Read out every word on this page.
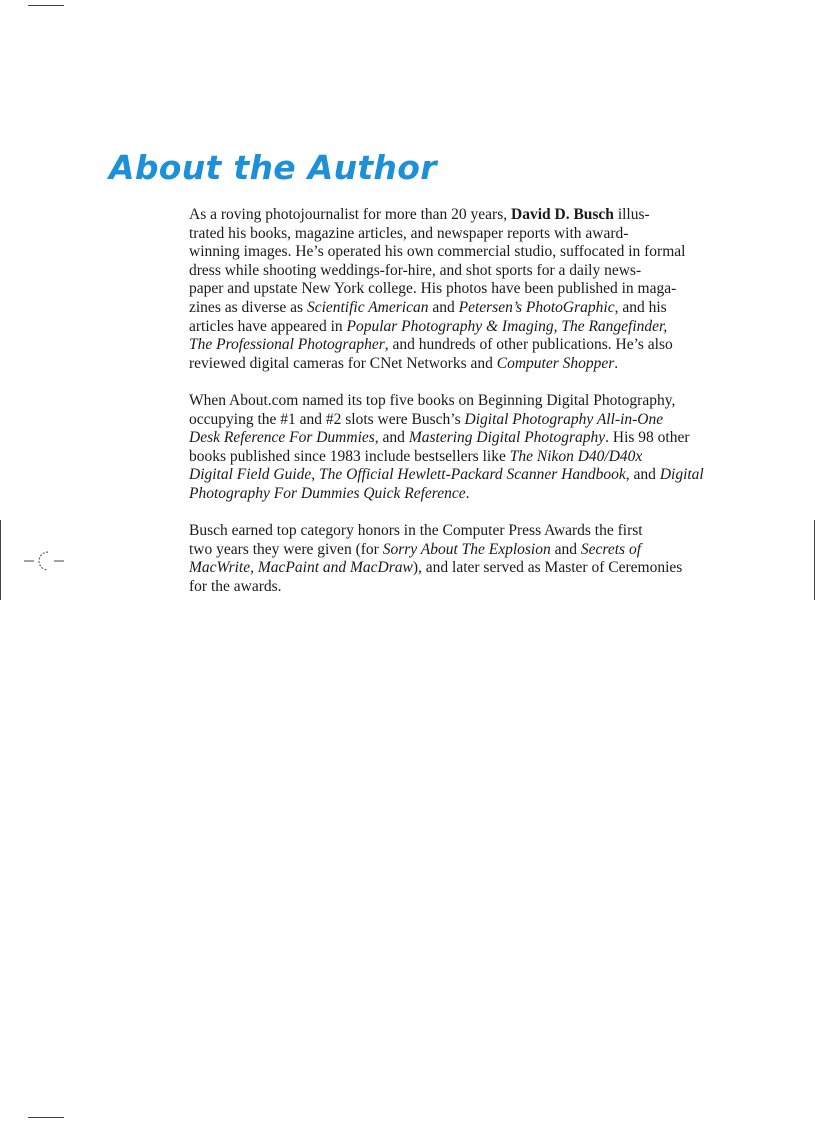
About the Author

As a roving photojournalist for more than 20 years, David D. Busch illus-
trated his books, magazine articles, and newspaper reports with award-
winning images. He’s operated his own commercial studio, suffocated in formal
dress while shooting weddings-for-hire, and shot sports for a daily news-
paper and upstate New York college. His photos have been published in maga-
zines as diverse as Scientific American and Petersen’s PhotoGraphic, and his
articles have appeared in Popular Photography & Imaging, The Rangefinder,
The Professional Photographer, and hundreds of other publications. He’s also
reviewed digital cameras for CNet Networks and Computer Shopper.

When About.com named its top five books on Beginning Digital Photography,
occupying the #1 and #2 slots were Busch’s Digital Photography All-in-One
Desk Reference For Dummies, and Mastering Digital Photography. His 98 other
books published since 1983 include bestsellers like The Nikon D40/D40x
Digital Field Guide, The Official Hewlett-Packard Scanner Handbook, and Digital
Photography For Dummies Quick Reference.

Busch earned top category honors in the Computer Press Awards the first
two years they were given (for Sorry About The Explosion and Secrets of
MacWrite, MacPaint and MacDraw), and later served as Master of Ceremonies
for the awards.
